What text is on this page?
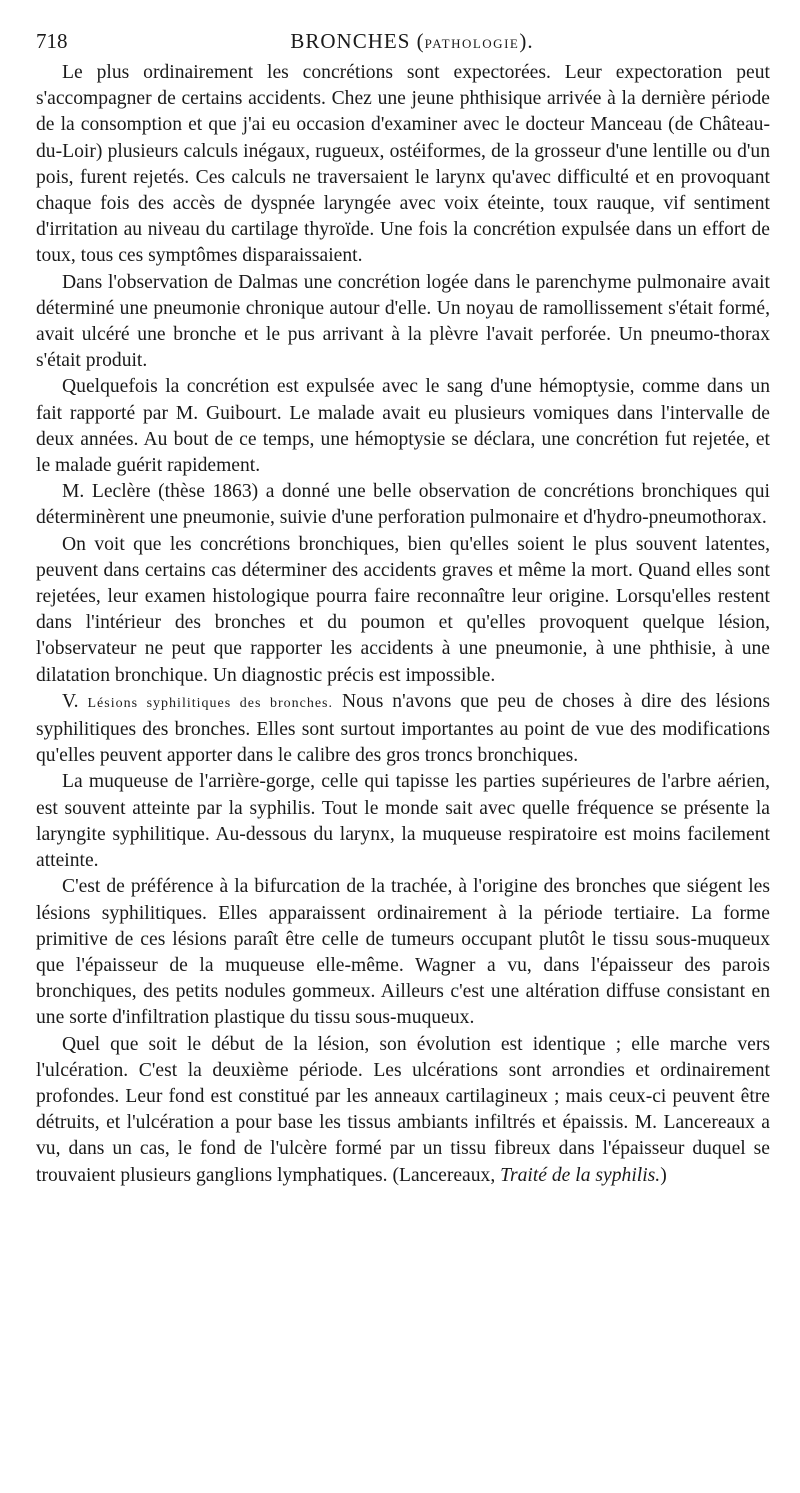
718	BRONCHES (PATHOLOGIE).

Le plus ordinairement les concrétions sont expectorées. Leur expectoration peut s'accompagner de certains accidents. Chez une jeune phthisique arrivée à la dernière période de la consomption et que j'ai eu occasion d'examiner avec le docteur Manceau (de Château-du-Loir) plusieurs calculs inégaux, rugueux, ostéiformes, de la grosseur d'une lentille ou d'un pois, furent rejetés. Ces calculs ne traversaient le larynx qu'avec difficulté et en provoquant chaque fois des accès de dyspnée laryngée avec voix éteinte, toux rauque, vif sentiment d'irritation au niveau du cartilage thyroïde. Une fois la concrétion expulsée dans un effort de toux, tous ces symptômes disparaissaient.

Dans l'observation de Dalmas une concrétion logée dans le parenchyme pulmonaire avait déterminé une pneumonie chronique autour d'elle. Un noyau de ramollissement s'était formé, avait ulcéré une bronche et le pus arrivant à la plèvre l'avait perforée. Un pneumo-thorax s'était produit.

Quelquefois la concrétion est expulsée avec le sang d'une hémoptysie, comme dans un fait rapporté par M. Guibourt. Le malade avait eu plusieurs vomiques dans l'intervalle de deux années. Au bout de ce temps, une hémoptysie se déclara, une concrétion fut rejetée, et le malade guérit rapidement.

M. Leclère (thèse 1863) a donné une belle observation de concrétions bronchiques qui déterminèrent une pneumonie, suivie d'une perforation pulmonaire et d'hydro-pneumothorax.

On voit que les concrétions bronchiques, bien qu'elles soient le plus souvent latentes, peuvent dans certains cas déterminer des accidents graves et même la mort. Quand elles sont rejetées, leur examen histologique pourra faire reconnaître leur origine. Lorsqu'elles restent dans l'intérieur des bronches et du poumon et qu'elles provoquent quelque lésion, l'observateur ne peut que rapporter les accidents à une pneumonie, à une phthisie, à une dilatation bronchique. Un diagnostic précis est impossible.

V. Lésions syphilitiques des bronches. Nous n'avons que peu de choses à dire des lésions syphilitiques des bronches. Elles sont surtout importantes au point de vue des modifications qu'elles peuvent apporter dans le calibre des gros troncs bronchiques.

La muqueuse de l'arrière-gorge, celle qui tapisse les parties supérieures de l'arbre aérien, est souvent atteinte par la syphilis. Tout le monde sait avec quelle fréquence se présente la laryngite syphilitique. Au-dessous du larynx, la muqueuse respiratoire est moins facilement atteinte.

C'est de préférence à la bifurcation de la trachée, à l'origine des bronches que siégent les lésions syphilitiques. Elles apparaissent ordinairement à la période tertiaire. La forme primitive de ces lésions paraît être celle de tumeurs occupant plutôt le tissu sous-muqueux que l'épaisseur de la muqueuse elle-même. Wagner a vu, dans l'épaisseur des parois bronchiques, des petits nodules gommeux. Ailleurs c'est une altération diffuse consistant en une sorte d'infiltration plastique du tissu sous-muqueux.

Quel que soit le début de la lésion, son évolution est identique ; elle marche vers l'ulcération. C'est la deuxième période. Les ulcérations sont arrondies et ordinairement profondes. Leur fond est constitué par les anneaux cartilagineux ; mais ceux-ci peuvent être détruits, et l'ulcération a pour base les tissus ambiants infiltrés et épaissis. M. Lancereaux a vu, dans un cas, le fond de l'ulcère formé par un tissu fibreux dans l'épaisseur duquel se trouvaient plusieurs ganglions lymphatiques. (Lancereaux, Traité de la syphilis.)
